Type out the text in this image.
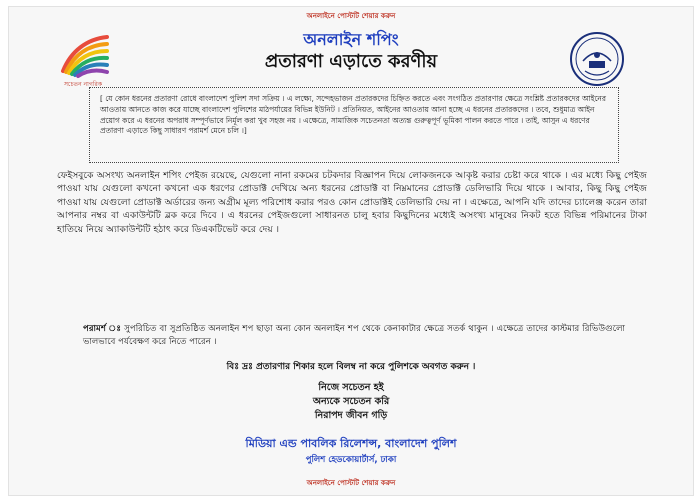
অনলাইনে পোস্টটি শেয়ার করুন
সচেতন নাগরিক
অনলাইন শপিং
প্রতারণা এড়াতে করণীয়
[ যে কোন ধরনের প্রতারণা রোধে বাংলাদেশ পুলিশ সদা সক্রিয় । এ লক্ষ্যে, সন্দেহভাজন প্রতারকদের চিহ্নিত করতে এবং সংগঠিত প্রতারণার ক্ষেত্রে সংশ্লিষ্ট প্রতারকদের আইনের আওতায় আনতে কাজ করে যাচ্ছে বাংলাদেশ পুলিশের মাঠপর্যায়ের বিভিন্ন ইউনিট । প্রতিনিয়ত, আইনের আওতায় আনা হচ্ছে এ ধরনের প্রতারকদের । তবে, শুধুমাত্র আইন প্রয়োগ করে এ ধরনের অপরাধ সম্পূর্ণভাবে নির্মূল করা খুব সহজ নয় । এক্ষেত্রে, সামাজিক সচেতনতা অত্যন্ত গুরুত্বপূর্ণ ভূমিকা পালন করতে পারে । তাই, আসুন এ ধরণের প্রতারণা এড়াতে কিছু সাধারণ পরামর্শ মেনে চলি ।]
ফেইসবুকে অসংখ্য অনলাইন শপিং পেইজ রয়েছে, যেগুলো নানা রকমের চটকদার বিজ্ঞাপন দিয়ে লোকজনকে আকৃষ্ট করার চেষ্টা করে থাকে । এর মধ্যে কিছু পেইজ পাওয়া যায় যেগুলো কখনো কখনো এক ধরণের প্রোডাক্ট দেখিয়ে অন্য ধরনের প্রোডাক্ট বা নিম্নমানের প্রোডাক্ট ডেলিভারি দিয়ে থাকে । আবার, কিছু কিছু পেইজ পাওয়া যায় যেগুলো প্রোডাক্ট অর্ডারের জন্য অগ্রীম মূল্য পরিশোধ করার পরও কোন প্রোডাক্টই ডেলিভারি দেয় না । এক্ষেত্রে, আপনি যদি তাদের চ্যালেঞ্জ করেন তারা আপনার নম্বর বা একাউন্টটি ব্লক করে দিবে । এ ধরনের পেইজগুলো সাধারনত চালু হবার কিছুদিনের মধ্যেই অসংখ্য মানুষের নিকট হতে বিভিন্ন পরিমানের টাকা হাতিয়ে নিয়ে অ্যাকাউন্টটি হঠাৎ করে ডিএকটিভেট করে দেয় ।
পরামর্শ ঃ সুপরিচিত বা সুপ্রতিষ্ঠিত অনলাইন শপ ছাড়া অন্য কোন অনলাইন শপ থেকে কেনাকাটার ক্ষেত্রে সতর্ক থাকুন । এক্ষেত্রে তাদের কাস্টমার রিভিউগুলো ভালভাবে পর্যবেক্ষণ করে নিতে পারেন ।
বিঃ দ্রঃ প্রতারণার শিকার হলে বিলম্ব না করে পুলিশকে অবগত করুন ।
নিজে সচেতন হই
অন্যকে সচেতন করি
নিরাপদ জীবন গড়ি
মিডিয়া এন্ড পাবলিক রিলেশন্স, বাংলাদেশ পুলিশ
পুলিশ হেডকোয়ার্টার্স, ঢাকা
অনলাইনে পোস্টটি শেয়ার করুন
